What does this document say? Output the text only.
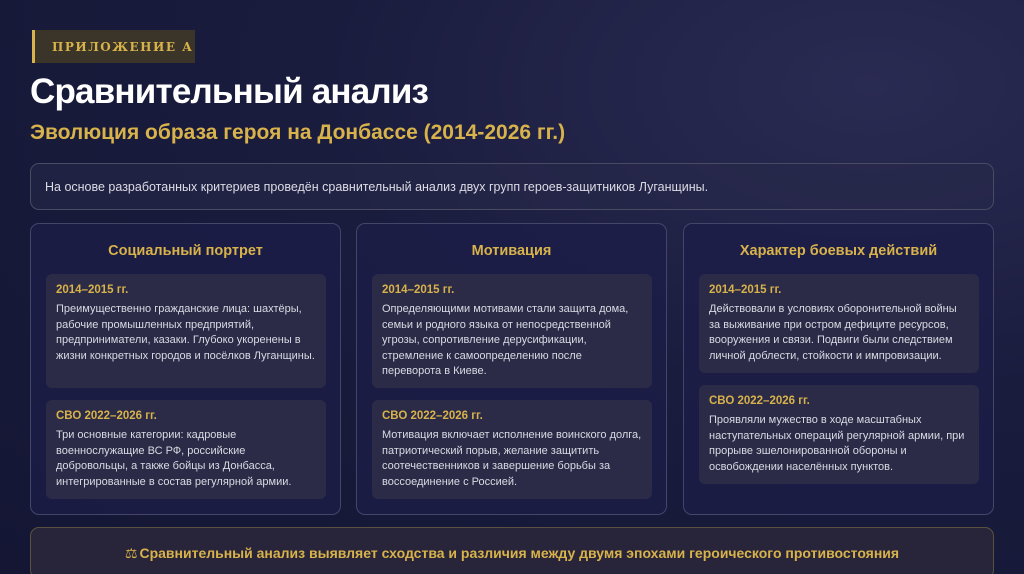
ПРИЛОЖЕНИЕ А
Сравнительный анализ
Эволюция образа героя на Донбассе (2014-2026 гг.)
На основе разработанных критериев проведён сравнительный анализ двух групп героев-защитников Луганщины.
Социальный портрет
2014–2015 гг.
Преимущественно гражданские лица: шахтёры, рабочие промышленных предприятий, предприниматели, казаки. Глубоко укоренены в жизни конкретных городов и посёлков Луганщины.
СВО 2022–2026 гг.
Три основные категории: кадровые военнослужащие ВС РФ, российские добровольцы, а также бойцы из Донбасса, интегрированные в состав регулярной армии.
Мотивация
2014–2015 гг.
Определяющими мотивами стали защита дома, семьи и родного языка от непосредственной угрозы, сопротивление дерусификации, стремление к самоопределению после переворота в Киеве.
СВО 2022–2026 гг.
Мотивация включает исполнение воинского долга, патриотический порыв, желание защитить соотечественников и завершение борьбы за воссоединение с Россией.
Характер боевых действий
2014–2015 гг.
Действовали в условиях оборонительной войны за выживание при остром дефиците ресурсов, вооружения и связи. Подвиги были следствием личной доблести, стойкости и импровизации.
СВО 2022–2026 гг.
Проявляли мужество в ходе масштабных наступательных операций регулярной армии, при прорыве эшелонированной обороны и освобождении населённых пунктов.
⚖ Сравнительный анализ выявляет сходства и различия между двумя эпохами героического противостояния
